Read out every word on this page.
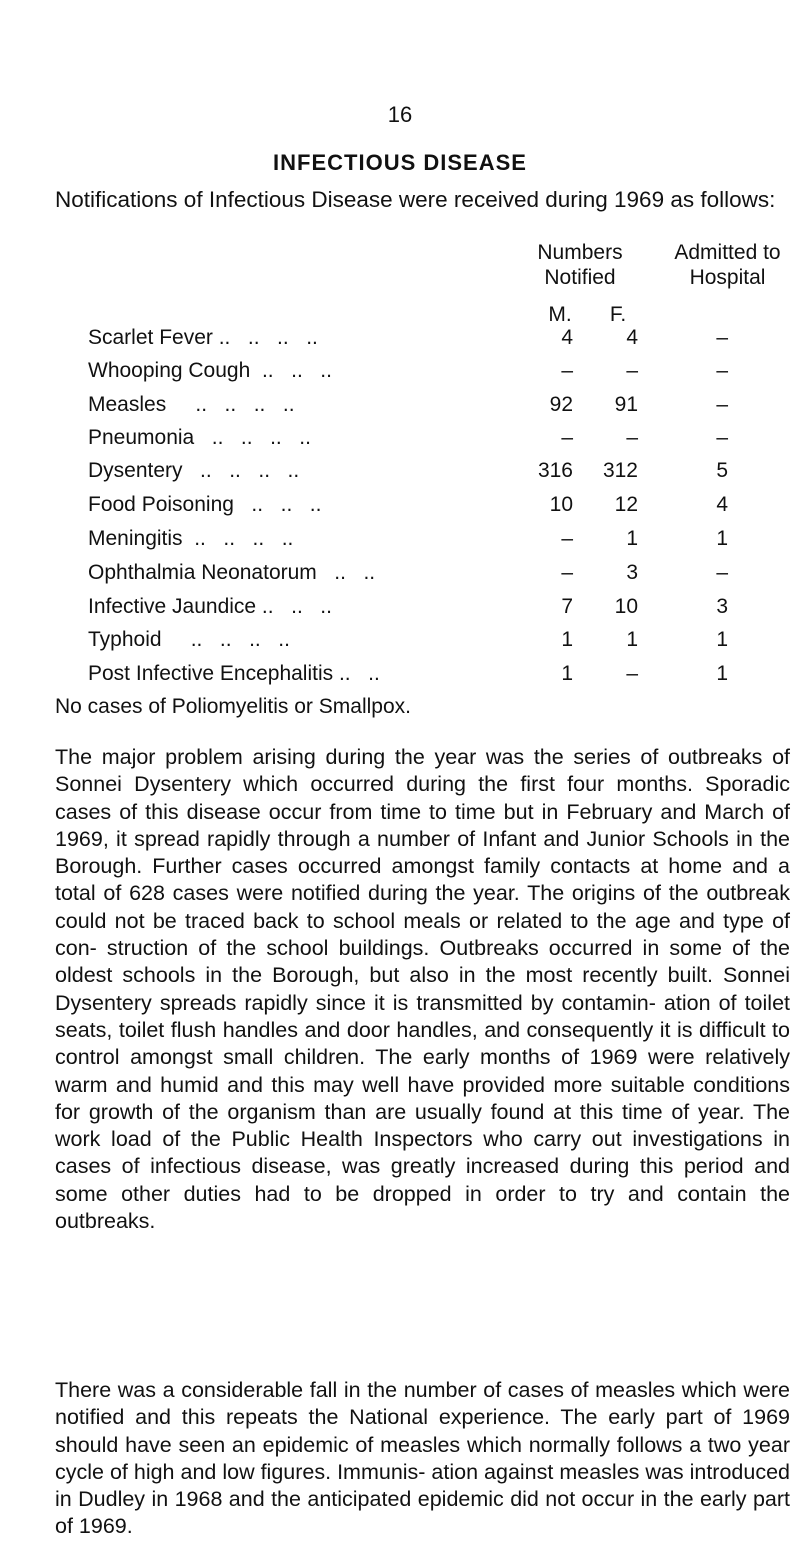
16
INFECTIOUS DISEASE
Notifications of Infectious Disease were received during 1969 as follows:
Numbers
Notified
M.	F.
Admitted to
Hospital
Scarlet Fever ..   ..   ..   ..	4	4	–
Whooping Cough  ..   ..   ..	–	–	–
Measles     ..   ..   ..   ..	92	91	–
Pneumonia   ..   ..   ..   ..	–	–	–
Dysentery   ..   ..   ..   ..	316	312	5
Food Poisoning   ..   ..   ..	10	12	4
Meningitis  ..   ..   ..   ..	–	1	1
Ophthalmia Neonatorum   ..   ..	–	3	–
Infective Jaundice ..   ..   ..	7	10	3
Typhoid     ..   ..   ..   ..	1	1	1
Post Infective Encephalitis ..   ..	1	–	1
No cases of Poliomyelitis or Smallpox.
The major problem arising during the year was the series of outbreaks of Sonnei Dysentery which occurred during the first four months. Sporadic cases of this disease occur from time to time but in February and March of 1969, it spread rapidly through a number of Infant and Junior Schools in the Borough. Further cases occurred amongst family contacts at home and a total of 628 cases were notified during the year. The origins of the outbreak could not be traced back to school meals or related to the age and type of con- struction of the school buildings. Outbreaks occurred in some of the oldest schools in the Borough, but also in the most recently built. Sonnei Dysentery spreads rapidly since it is transmitted by contamin- ation of toilet seats, toilet flush handles and door handles, and consequently it is difficult to control amongst small children. The early months of 1969 were relatively warm and humid and this may well have provided more suitable conditions for growth of the organism than are usually found at this time of year. The work load of the Public Health Inspectors who carry out investigations in cases of infectious disease, was greatly increased during this period and some other duties had to be dropped in order to try and contain the outbreaks.
There was a considerable fall in the number of cases of measles which were notified and this repeats the National experience. The early part of 1969 should have seen an epidemic of measles which normally follows a two year cycle of high and low figures. Immunis- ation against measles was introduced in Dudley in 1968 and the anticipated epidemic did not occur in the early part of 1969.
